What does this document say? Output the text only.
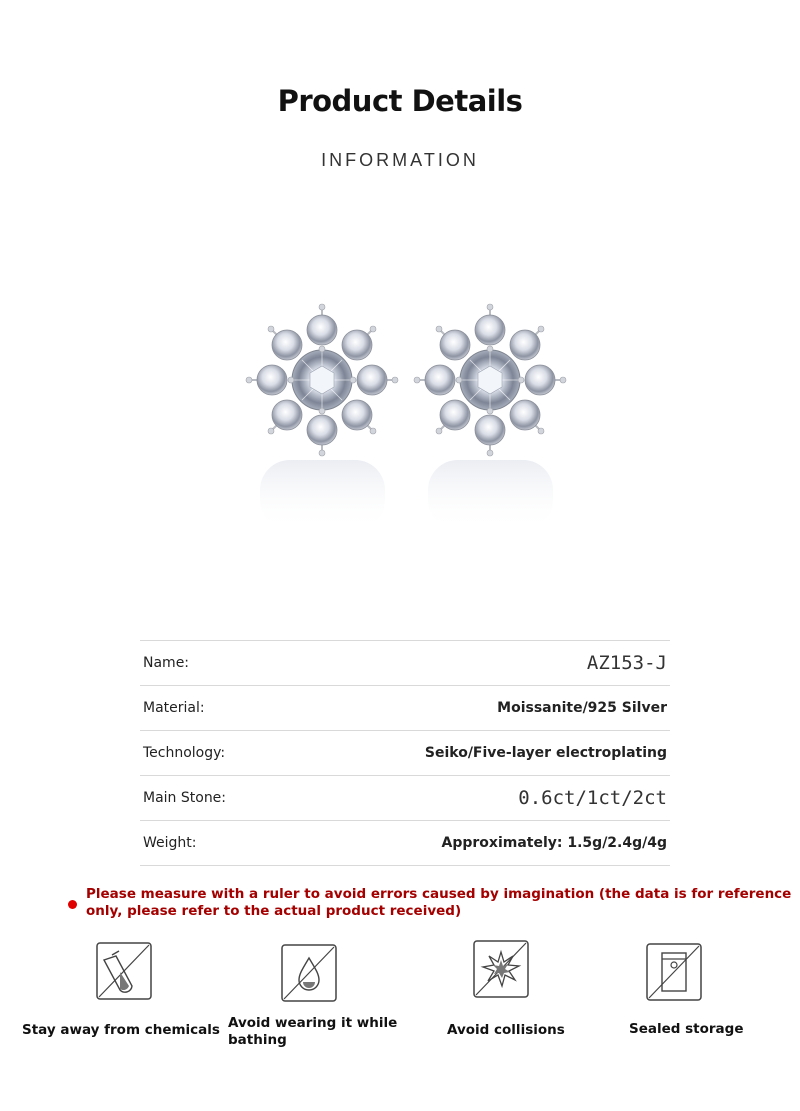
Product Details
INFORMATION
Name:	AZ153-J
Material:	Moissanite/925 Silver
Technology:	Seiko/Five-layer electroplating
Main Stone:	0.6ct/1ct/2ct
Weight:	Approximately: 1.5g/2.4g/4g
Please measure with a ruler to avoid errors caused by imagination (the data is for reference only, please refer to the actual product received)
Stay away from chemicals Avoid wearing it while bathing
Avoid collisions	Sealed storage
